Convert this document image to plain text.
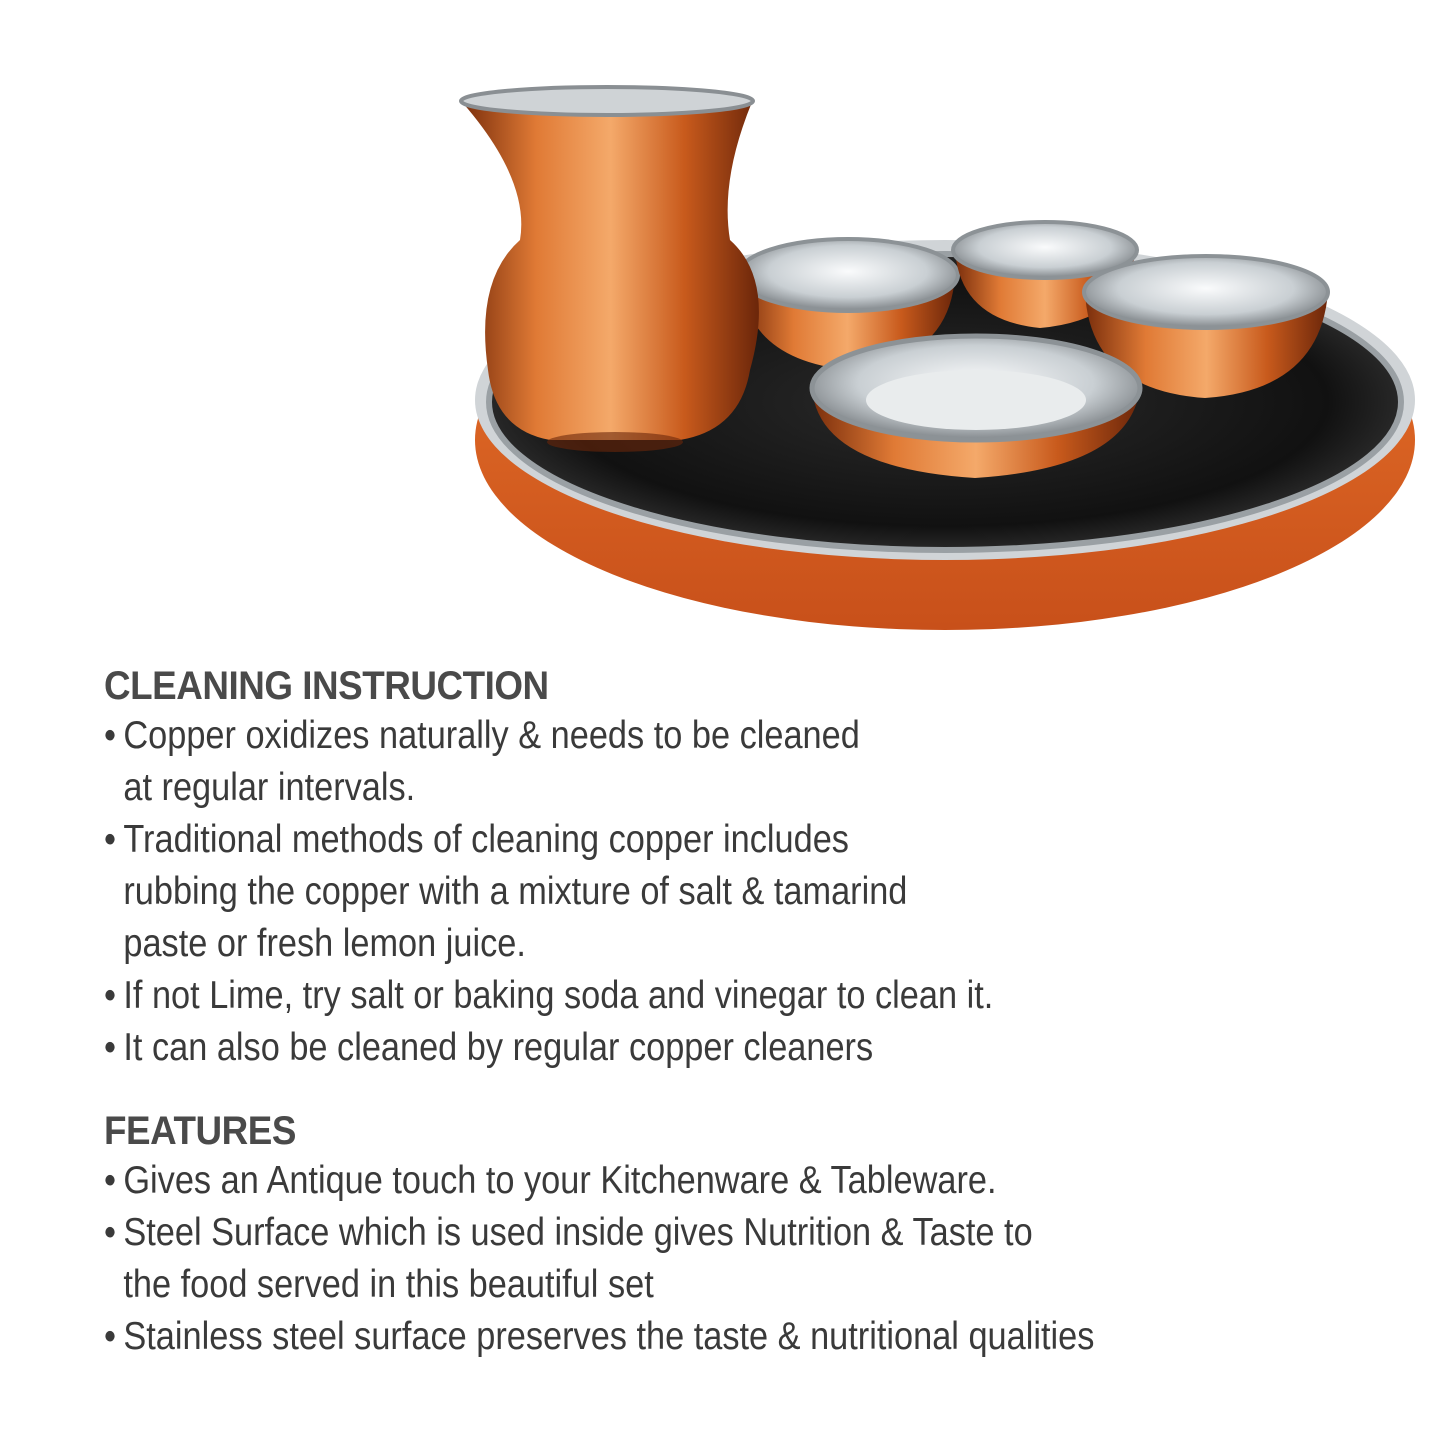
CLEANING INSTRUCTION
• Copper oxidizes naturally & needs to be cleaned
at regular intervals.
• Traditional methods of cleaning copper includes
rubbing the copper with a mixture of salt & tamarind
paste or fresh lemon juice.
• If not Lime, try salt or baking soda and vinegar to clean it.
• It can also be cleaned by regular copper cleaners
FEATURES
• Gives an Antique touch to your Kitchenware & Tableware.
• Steel Surface which is used inside gives Nutrition & Taste to
the food served in this beautiful set
• Stainless steel surface preserves the taste & nutritional qualities
